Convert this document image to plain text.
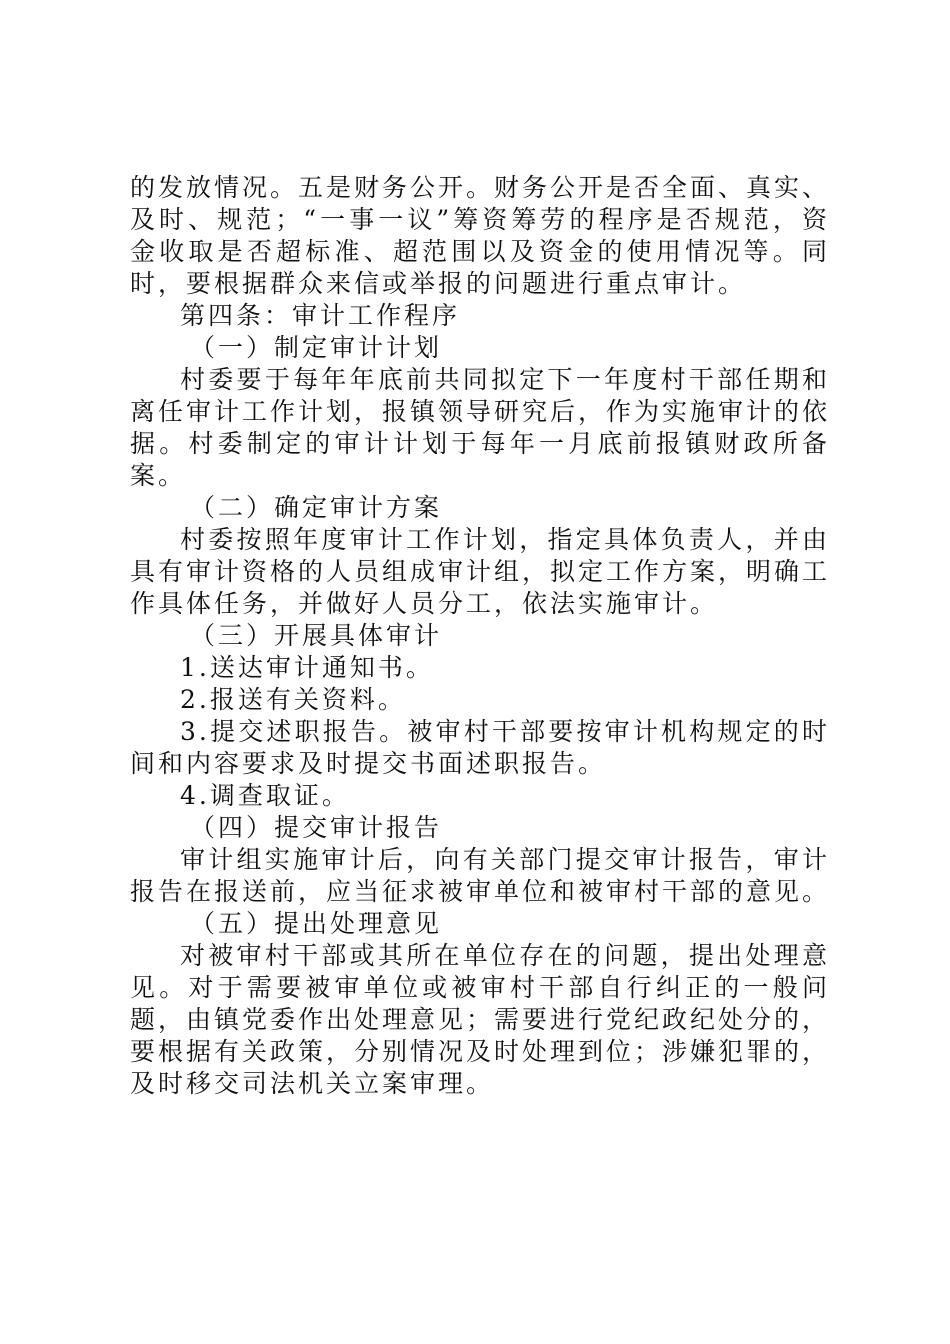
的发放情况。五是财务公开。财务公开是否全面、真实、及时、规范；“一事一议”筹资筹劳的程序是否规范，资金收取是否超标准、超范围以及资金的使用情况等。同时，要根据群众来信或举报的问题进行重点审计。

第四条：审计工作程序

（一）制定审计计划

村委要于每年年底前共同拟定下一年度村干部任期和离任审计工作计划，报镇领导研究后，作为实施审计的依据。村委制定的审计计划于每年一月底前报镇财政所备案。

（二）确定审计方案

村委按照年度审计工作计划，指定具体负责人，并由具有审计资格的人员组成审计组，拟定工作方案，明确工作具体任务，并做好人员分工，依法实施审计。

（三）开展具体审计

1.送达审计通知书。

2.报送有关资料。

3.提交述职报告。被审村干部要按审计机构规定的时间和内容要求及时提交书面述职报告。

4.调查取证。

（四）提交审计报告

审计组实施审计后，向有关部门提交审计报告，审计报告在报送前，应当征求被审单位和被审村干部的意见。

（五）提出处理意见

对被审村干部或其所在单位存在的问题，提出处理意见。对于需要被审单位或被审村干部自行纠正的一般问题，由镇党委作出处理意见；需要进行党纪政纪处分的，要根据有关政策，分别情况及时处理到位；涉嫌犯罪的，及时移交司法机关立案审理。
